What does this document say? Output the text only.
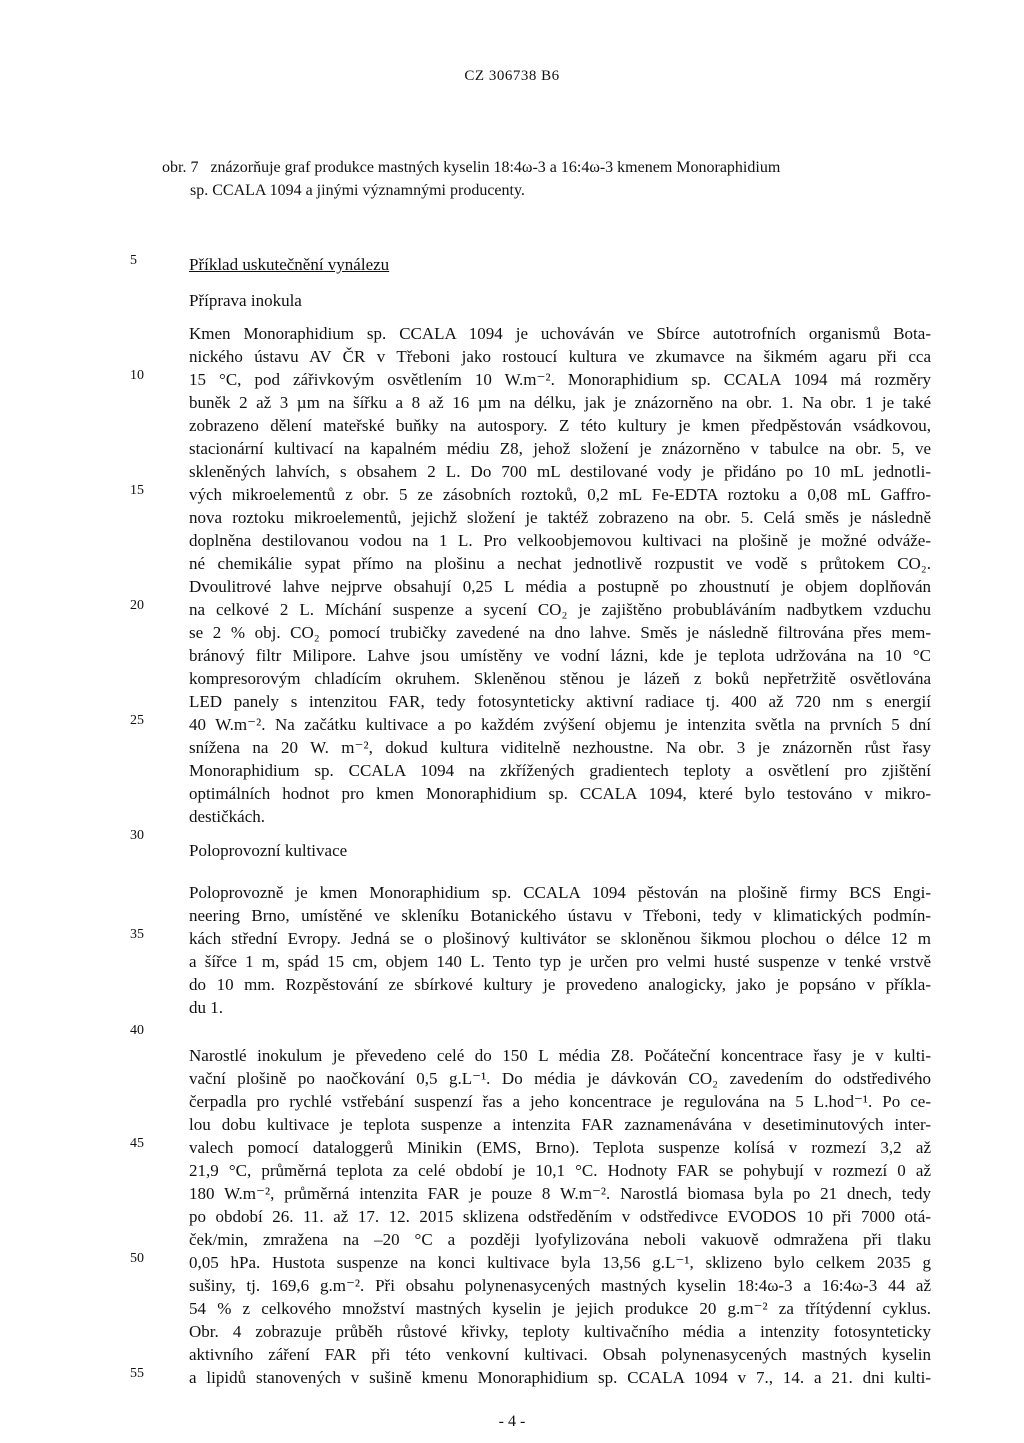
CZ 306738 B6
obr. 7 znázorňuje graf produkce mastných kyselin 18:4ω-3 a 16:4ω-3 kmenem Monoraphidium
sp. CCALA 1094 a jinými významnými producenty.
Příklad uskutečnění vynálezu
Příprava inokula
Kmen Monoraphidium sp. CCALA 1094 je uchováván ve Sbírce autotrofních organismů Bota-
nického ústavu AV ČR v Třeboni jako rostoucí kultura ve zkumavce na šikmém agaru při cca
15 °C, pod zářivkovým osvětlením 10 W.m⁻². Monoraphidium sp. CCALA 1094 má rozměry
buněk 2 až 3 µm na šířku a 8 až 16 µm na délku, jak je znázorněno na obr. 1. Na obr. 1 je také
zobrazeno dělení mateřské buňky na autospory. Z této kultury je kmen předpěstován vsádkovou,
stacionární kultivací na kapalném médiu Z8, jehož složení je znázorněno v tabulce na obr. 5, ve
skleněných lahvích, s obsahem 2 L. Do 700 mL destilované vody je přidáno po 10 mL jednotli-
vých mikroelementů z obr. 5 ze zásobních roztoků, 0,2 mL Fe-EDTA roztoku a 0,08 mL Gaffro-
nova roztoku mikroelementů, jejichž složení je taktéž zobrazeno na obr. 5. Celá směs je následně
doplněna destilovanou vodou na 1 L. Pro velkoobjemovou kultivaci na plošině je možné odváže-
né chemikálie sypat přímo na plošinu a nechat jednotlivě rozpustit ve vodě s průtokem CO₂.
Dvoulitrové lahve nejprve obsahují 0,25 L média a postupně po zhoustnutí je objem doplňován
na celkové 2 L. Míchání suspenze a sycení CO₂ je zajištěno probubláváním nadbytkem vzduchu
se 2 % obj. CO₂ pomocí trubičky zavedené na dno lahve. Směs je následně filtrována přes mem-
bránový filtr Milipore. Lahve jsou umístěny ve vodní lázni, kde je teplota udržována na 10 °C
kompresorovým chladícím okruhem. Skleněnou stěnou je lázeň z boků nepřetržitě osvětlována
LED panely s intenzitou FAR, tedy fotosynteticky aktivní radiace tj. 400 až 720 nm s energií
40 W.m⁻². Na začátku kultivace a po každém zvýšení objemu je intenzita světla na prvních 5 dní
snížena na 20 W. m⁻², dokud kultura viditelně nezhoustne. Na obr. 3 je znázorněn růst řasy
Monoraphidium sp. CCALA 1094 na zkřížených gradientech teploty a osvětlení pro zjištění
optimálních hodnot pro kmen Monoraphidium sp. CCALA 1094, které bylo testováno v mikro-
destičkách.
Poloprovozní kultivace
Poloprovozně je kmen Monoraphidium sp. CCALA 1094 pěstován na plošině firmy BCS Engi-
neering Brno, umístěné ve skleníku Botanického ústavu v Třeboni, tedy v klimatických podmín-
kách střední Evropy. Jedná se o plošinový kultivátor se skloněnou šikmou plochou o délce 12 m
a šířce 1 m, spád 15 cm, objem 140 L. Tento typ je určen pro velmi husté suspenze v tenké vrstvě
do 10 mm. Rozpěstování ze sbírkové kultury je provedeno analogicky, jako je popsáno v příkla-
du 1.
Narostlé inokulum je převedeno celé do 150 L média Z8. Počáteční koncentrace řasy je v kulti-
vační plošině po naočkování 0,5 g.L⁻¹. Do média je dávkován CO₂ zavedením do odstředivého
čerpadla pro rychlé vstřebání suspenzí řas a jeho koncentrace je regulována na 5 L.hod⁻¹. Po ce-
lou dobu kultivace je teplota suspenze a intenzita FAR zaznamenávána v desetiminutových inter-
valech pomocí dataloggerů Minikin (EMS, Brno). Teplota suspenze kolísá v rozmezí 3,2 až
21,9 °C, průměrná teplota za celé období je 10,1 °C. Hodnoty FAR se pohybují v rozmezí 0 až
180 W.m⁻², průměrná intenzita FAR je pouze 8 W.m⁻². Narostlá biomasa byla po 21 dnech, tedy
po období 26. 11. až 17. 12. 2015 sklizena odstředěním v odstředivce EVODOS 10 při 7000 otá-
ček/min, zmražena na –20 °C a později lyofylizována neboli vakuově odmražena při tlaku
0,05 hPa. Hustota suspenze na konci kultivace byla 13,56 g.L⁻¹, sklizeno bylo celkem 2035 g
sušiny, tj. 169,6 g.m⁻². Při obsahu polynenasycených mastných kyselin 18:4ω-3 a 16:4ω-3 44 až
54 % z celkového množství mastných kyselin je jejich produkce 20 g.m⁻² za třítýdenní cyklus.
Obr. 4 zobrazuje průběh růstové křivky, teploty kultivačního média a intenzity fotosynteticky
aktivního záření FAR při této venkovní kultivaci. Obsah polynenasycených mastných kyselin
a lipidů stanovených v sušině kmenu Monoraphidium sp. CCALA 1094 v 7., 14. a 21. dni kulti-
5
10
15
20
25
30
35
40
45
50
55
- 4 -
